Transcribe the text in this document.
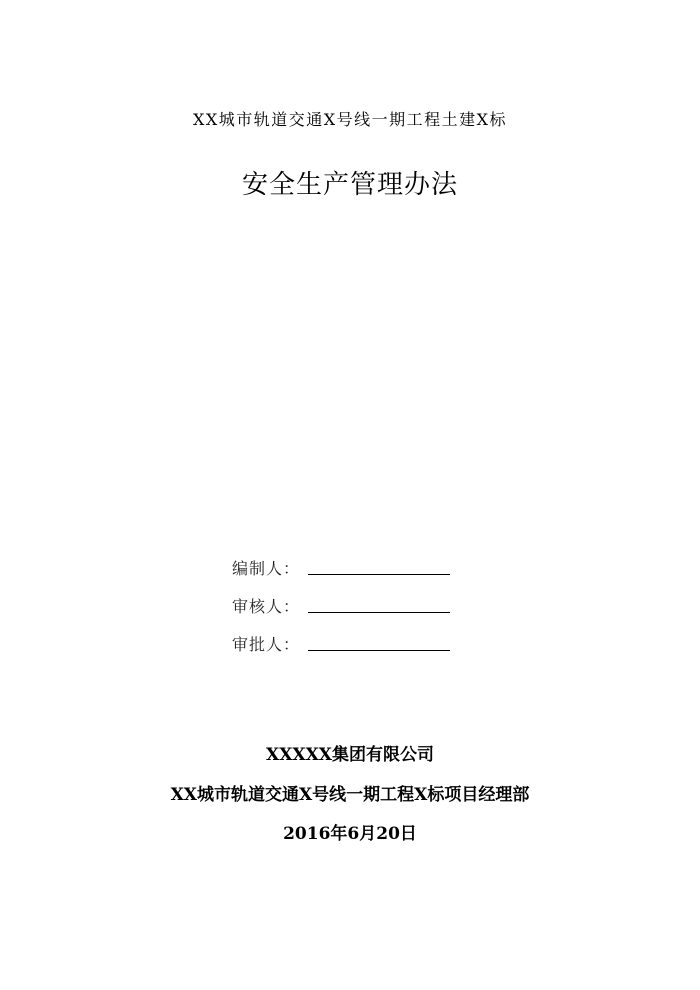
XX城市轨道交通X号线一期工程土建X标
安全生产管理办法
编制人：
审核人：
审批人：
XXXXX集团有限公司
XX城市轨道交通X号线一期工程X标项目经理部
2016年6月20日
